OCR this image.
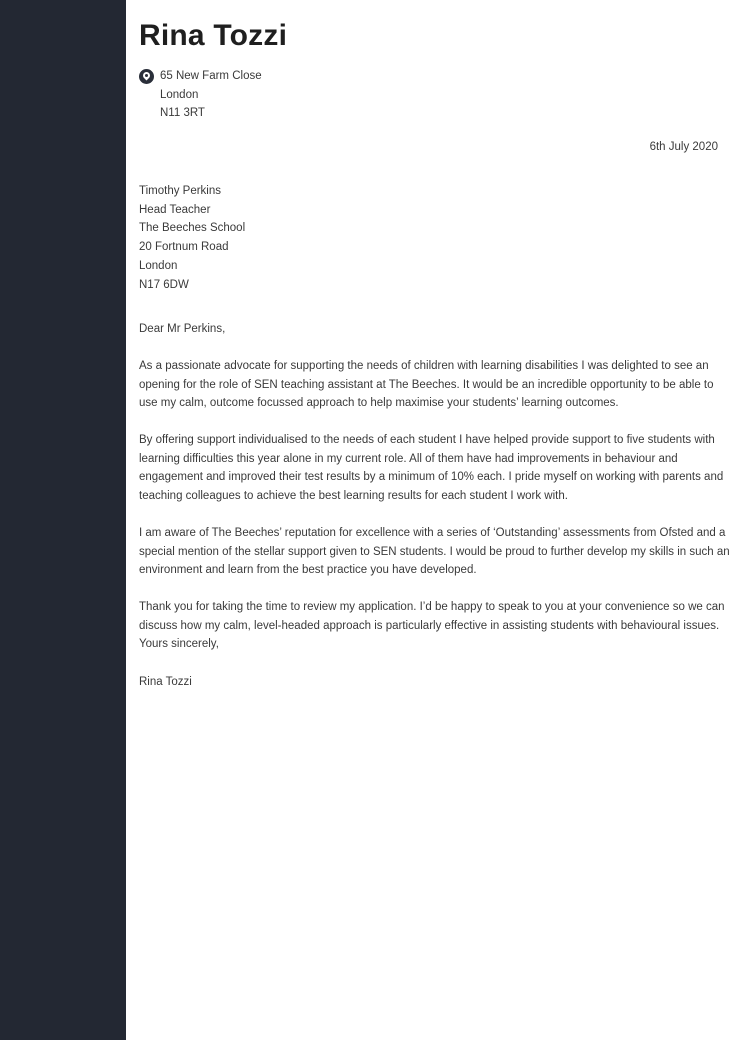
Rina Tozzi
65 New Farm Close
London
N11 3RT
6th July 2020
Timothy Perkins
Head Teacher
The Beeches School
20 Fortnum Road
London
N17 6DW
Dear Mr Perkins,
As a passionate advocate for supporting the needs of children with learning disabilities I was delighted to see an
opening for the role of SEN teaching assistant at The Beeches. It would be an incredible opportunity to be able to
use my calm, outcome focussed approach to help maximise your students’ learning outcomes.
By offering support individualised to the needs of each student I have helped provide support to five students with
learning difficulties this year alone in my current role. All of them have had improvements in behaviour and
engagement and improved their test results by a minimum of 10% each. I pride myself on working with parents and
teaching colleagues to achieve the best learning results for each student I work with.
I am aware of The Beeches’ reputation for excellence with a series of ‘Outstanding’ assessments from Ofsted and a
special mention of the stellar support given to SEN students. I would be proud to further develop my skills in such an
environment and learn from the best practice you have developed.
Thank you for taking the time to review my application. I’d be happy to speak to you at your convenience so we can
discuss how my calm, level-headed approach is particularly effective in assisting students with behavioural issues.
Yours sincerely,
Rina Tozzi
